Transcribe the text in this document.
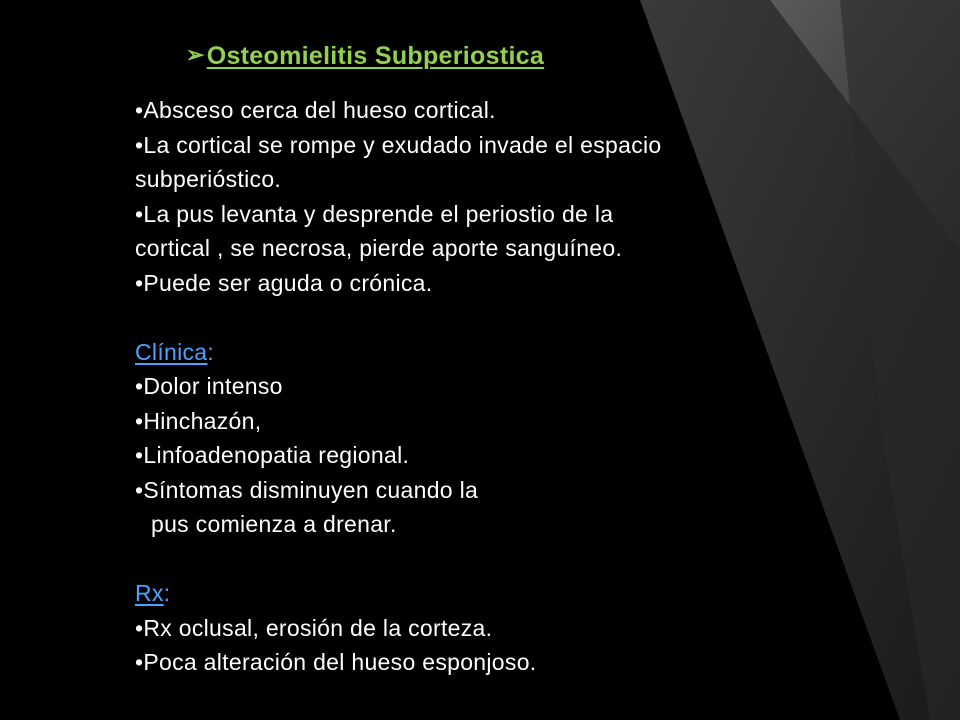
➢Osteomielitis Subperiostica
•Absceso cerca del hueso cortical.
•La cortical se rompe y exudado invade el espacio
subperióstico.
•La pus levanta y desprende el periostio de la
cortical , se necrosa, pierde aporte sanguíneo.
•Puede ser aguda o crónica.
Clínica:
•Dolor intenso
•Hinchazón,
•Linfoadenopatia regional.
•Síntomas disminuyen cuando la
pus comienza a drenar.
Rx:
•Rx oclusal, erosión de la corteza.
•Poca alteración del hueso esponjoso.
